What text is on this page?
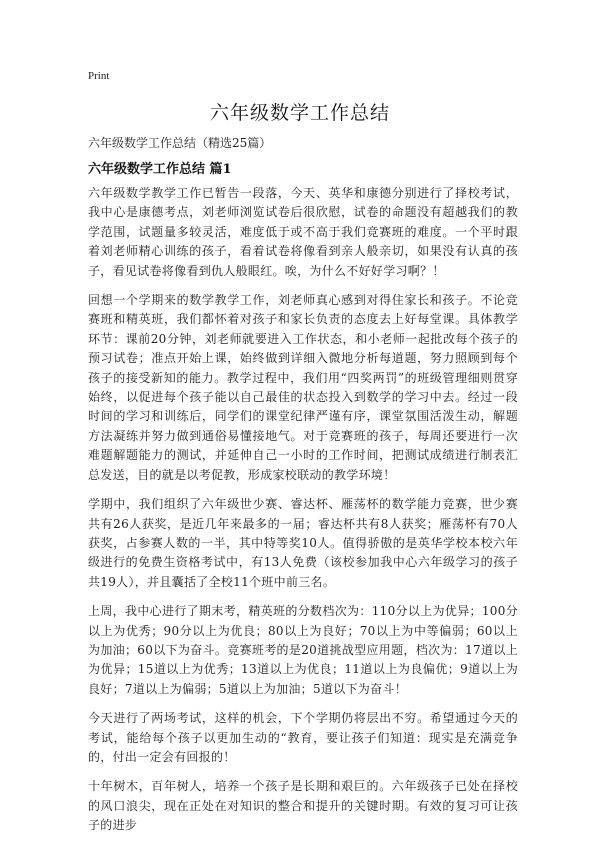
Print
六年级数学工作总结
六年级数学工作总结（精选25篇）
六年级数学工作总结 篇1

六年级数学教学工作已暂告一段落，今天、英华和康德分别进行了择校考试，我中心是康德考点，刘老师浏览试卷后很欣慰，试卷的命题没有超越我们的教学范围，试题量多较灵活，难度低于或不高于我们竞赛班的难度。一个平时跟着刘老师精心训练的孩子，看着试卷将像看到亲人般亲切，如果没有认真的孩子，看见试卷将像看到仇人般眼红。唉，为什么不好好学习啊？！

回想一个学期来的数学教学工作，刘老师真心感到对得住家长和孩子。不论竞赛班和精英班，我们都怀着对孩子和家长负责的态度去上好每堂课。具体教学环节：课前20分钟，刘老师就要进入工作状态，和小老师一起批改每个孩子的预习试卷；准点开始上课，始终做到详细入微地分析每道题，努力照顾到每个孩子的接受新知的能力。教学过程中，我们用“四奖两罚”的班级管理细则贯穿始终，以促进每个孩子能以自己最佳的状态投入到数学的学习中去。经过一段时间的学习和训练后，同学们的课堂纪律严谨有序，课堂氛围活泼生动，解题方法凝练并努力做到通俗易懂接地气。对于竞赛班的孩子，每周还要进行一次难题解题能力的测试，并延伸自己一小时的工作时间，把测试成绩进行制表汇总发送，目的就是以考促教，形成家校联动的教学环境！

学期中，我们组织了六年级世少赛、睿达杯、雁荡杯的数学能力竞赛，世少赛共有26人获奖，是近几年来最多的一届；睿达杯共有8人获奖；雁荡杯有70人获奖，占参赛人数的一半，其中特等奖10人。值得骄傲的是英华学校本校六年级进行的免费生资格考试中，有13人免费（该校参加我中心六年级学习的孩子共19人），并且囊括了全校11个班中前三名。

上周，我中心进行了期末考，精英班的分数档次为：110分以上为优异；100分以上为优秀；90分以上为优良；80以上为良好；70以上为中等偏弱；60以上为加油；60以下为奋斗。竞赛班考的是20道挑战型应用题，档次为：17道以上为优异；15道以上为优秀；13道以上为优良；11道以上为良偏优；9道以上为良好；7道以上为偏弱；5道以上为加油；5道以下为奋斗！

今天进行了两场考试，这样的机会，下个学期仍将层出不穷。希望通过今天的考试，能给每个孩子以更加生动的“教育，要让孩子们知道：现实是充满竞争的，付出一定会有回报的！

十年树木，百年树人，培养一个孩子是长期和艰巨的。六年级孩子已处在择校的风口浪尖，现在正处在对知识的整合和提升的关键时期。有效的复习可让孩子的进步
